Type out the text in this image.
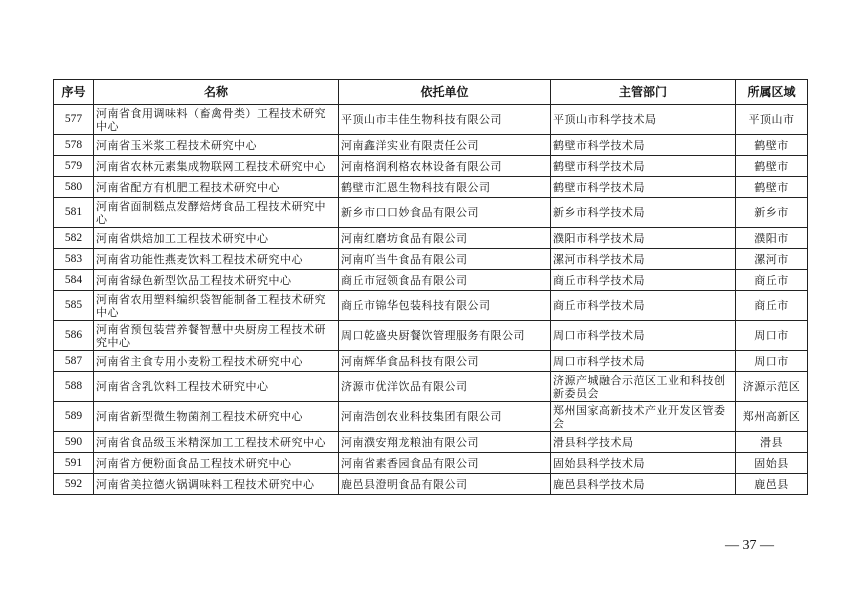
序号	名称	依托单位	主管部门	所属区域
577	河南省食用调味料（畜禽骨类）工程技术研究中心	平顶山市丰佳生物科技有限公司	平顶山市科学技术局	平顶山市
578	河南省玉米浆工程技术研究中心	河南鑫洋实业有限责任公司	鹤壁市科学技术局	鹤壁市
579	河南省农林元素集成物联网工程技术研究中心	河南格润利格农林设备有限公司	鹤壁市科学技术局	鹤壁市
580	河南省配方有机肥工程技术研究中心	鹤壁市汇恩生物科技有限公司	鹤壁市科学技术局	鹤壁市
581	河南省面制糕点发酵焙烤食品工程技术研究中心	新乡市口口妙食品有限公司	新乡市科学技术局	新乡市
582	河南省烘焙加工工程技术研究中心	河南红磨坊食品有限公司	濮阳市科学技术局	濮阳市
583	河南省功能性燕麦饮料工程技术研究中心	河南吖当牛食品有限公司	漯河市科学技术局	漯河市
584	河南省绿色新型饮品工程技术研究中心	商丘市冠领食品有限公司	商丘市科学技术局	商丘市
585	河南省农用塑料编织袋智能制备工程技术研究中心	商丘市锦华包装科技有限公司	商丘市科学技术局	商丘市
586	河南省预包装营养餐智慧中央厨房工程技术研究中心	周口乾盛央厨餐饮管理服务有限公司	周口市科学技术局	周口市
587	河南省主食专用小麦粉工程技术研究中心	河南辉华食品科技有限公司	周口市科学技术局	周口市
588	河南省含乳饮料工程技术研究中心	济源市优洋饮品有限公司	济源产城融合示范区工业和科技创新委员会	济源示范区
589	河南省新型微生物菌剂工程技术研究中心	河南浩创农业科技集团有限公司	郑州国家高新技术产业开发区管委会	郑州高新区
590	河南省食品级玉米精深加工工程技术研究中心	河南濮安翔龙粮油有限公司	滑县科学技术局	滑县
591	河南省方便粉面食品工程技术研究中心	河南省素香园食品有限公司	固始县科学技术局	固始县
592	河南省美拉德火锅调味料工程技术研究中心	鹿邑县澄明食品有限公司	鹿邑县科学技术局	鹿邑县
— 37 —
